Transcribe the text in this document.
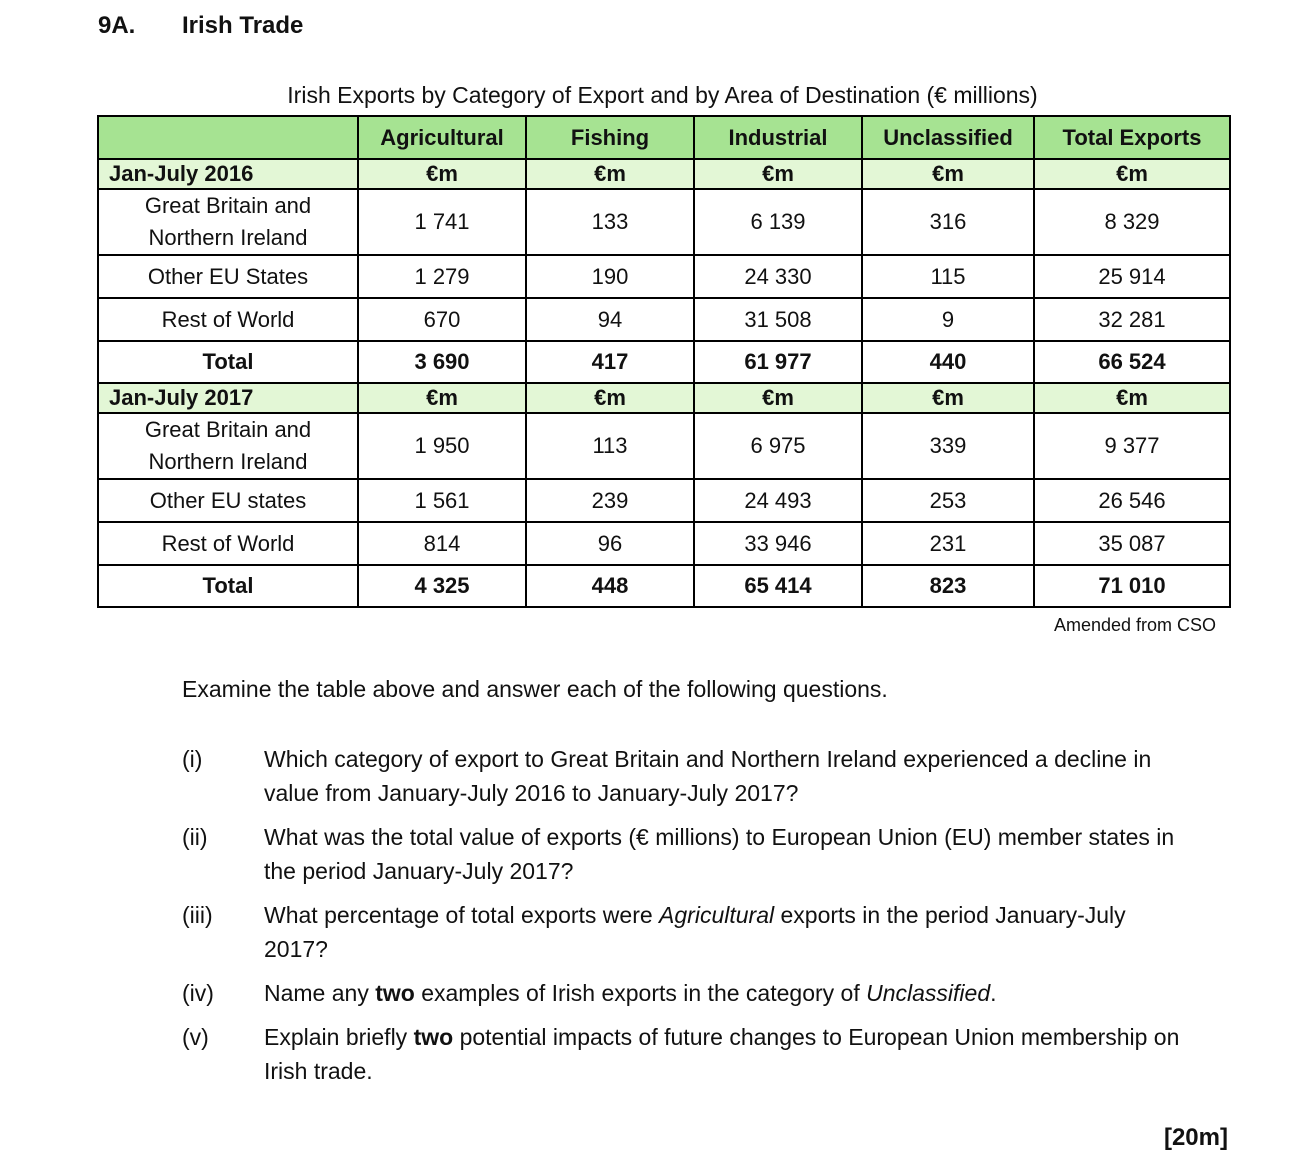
9A. Irish Trade
Irish Exports by Category of Export and by Area of Destination (€ millions)
	Agricultural	Fishing	Industrial	Unclassified	Total Exports
Jan-July 2016	€m	€m	€m	€m	€m
Great Britain and Northern Ireland	1 741	133	6 139	316	8 329
Other EU States	1 279	190	24 330	115	25 914
Rest of World	670	94	31 508	9	32 281
Total	3 690	417	61 977	440	66 524
Jan-July 2017	€m	€m	€m	€m	€m
Great Britain and Northern Ireland	1 950	113	6 975	339	9 377
Other EU states	1 561	239	24 493	253	26 546
Rest of World	814	96	33 946	231	35 087
Total	4 325	448	65 414	823	71 010
Amended from CSO
Examine the table above and answer each of the following questions.
(i)	Which category of export to Great Britain and Northern Ireland experienced a decline in value from January-July 2016 to January-July 2017?
(ii) What was the total value of exports (€ millions) to European Union (EU) member states in the period January-July 2017?
(iii) What percentage of total exports were Agricultural exports in the period January-July 2017?
(iv) Name any two examples of Irish exports in the category of Unclassified.
(v) Explain briefly two potential impacts of future changes to European Union membership on Irish trade.
[20m]
